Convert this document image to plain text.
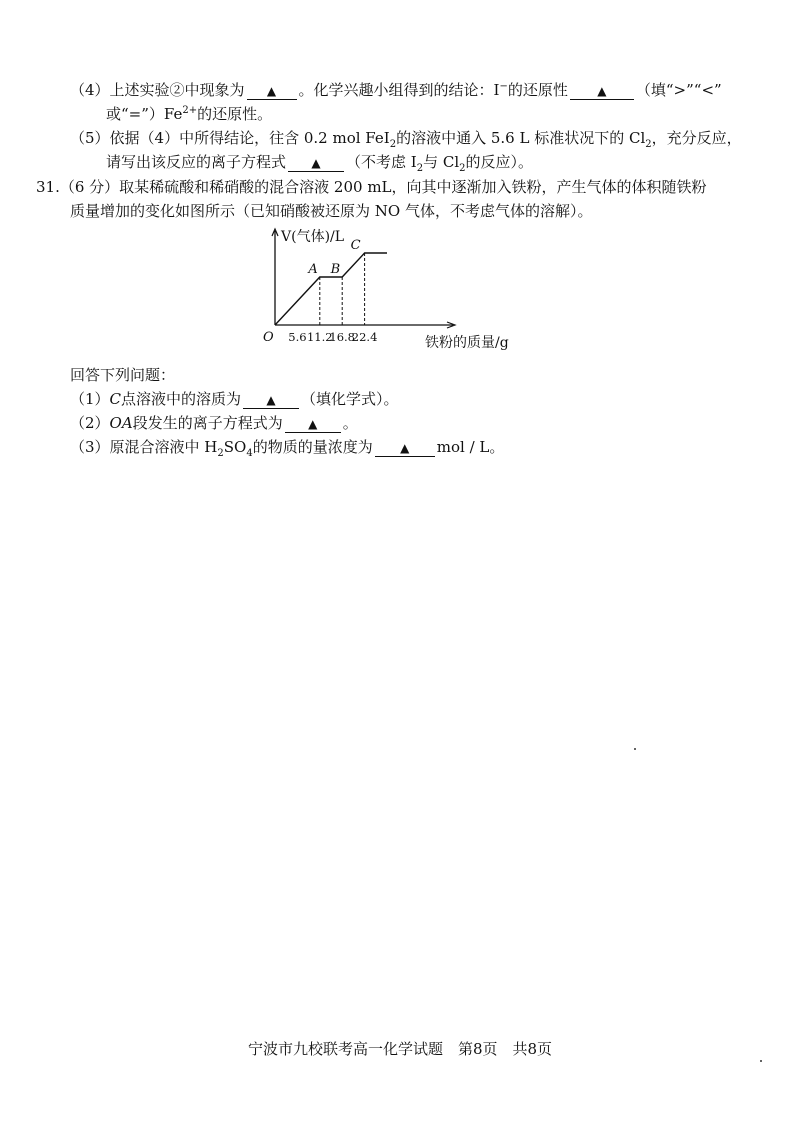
（4）上述实验②中现象为 ▲ 。化学兴趣小组得到的结论：I−的还原性 ▲ （填“>”“<”
或“$=”)Fe^{2+}$的还原性。
（5）依据（4）中所得结论，往含 0.2 mol FeI$_2$的溶液中通入 5.6 L 标准状况下的 $Cl_2$，充分反应，
请写出该反应的离子方程式 ▲ （不考虑 $I_2$与 $Cl_2$的反应）。
31.（6 分）取某稀硫酸和稀硝酸的混合溶液 200 mL，向其中逐渐加入铁粉，产生气体的体积随铁粉
质量增加的变化如图所示（已知硝酸被还原为 NO 气体，不考虑气体的溶解）。
V(气体)/L
铁粉的质量/g
O 5.6 11.2
16.8
22.4
A B
C
回答下列问题：
（1）C点溶液中的溶质为 ▲ （填化学式）。
（2）OA段发生的离子方程式为 ▲ 。
（3）原混合溶液中 $H_2SO_4$的物质的量浓度为 ▲ mol / L。
宁波市九校联考高一化学试题　第8页　共8页
